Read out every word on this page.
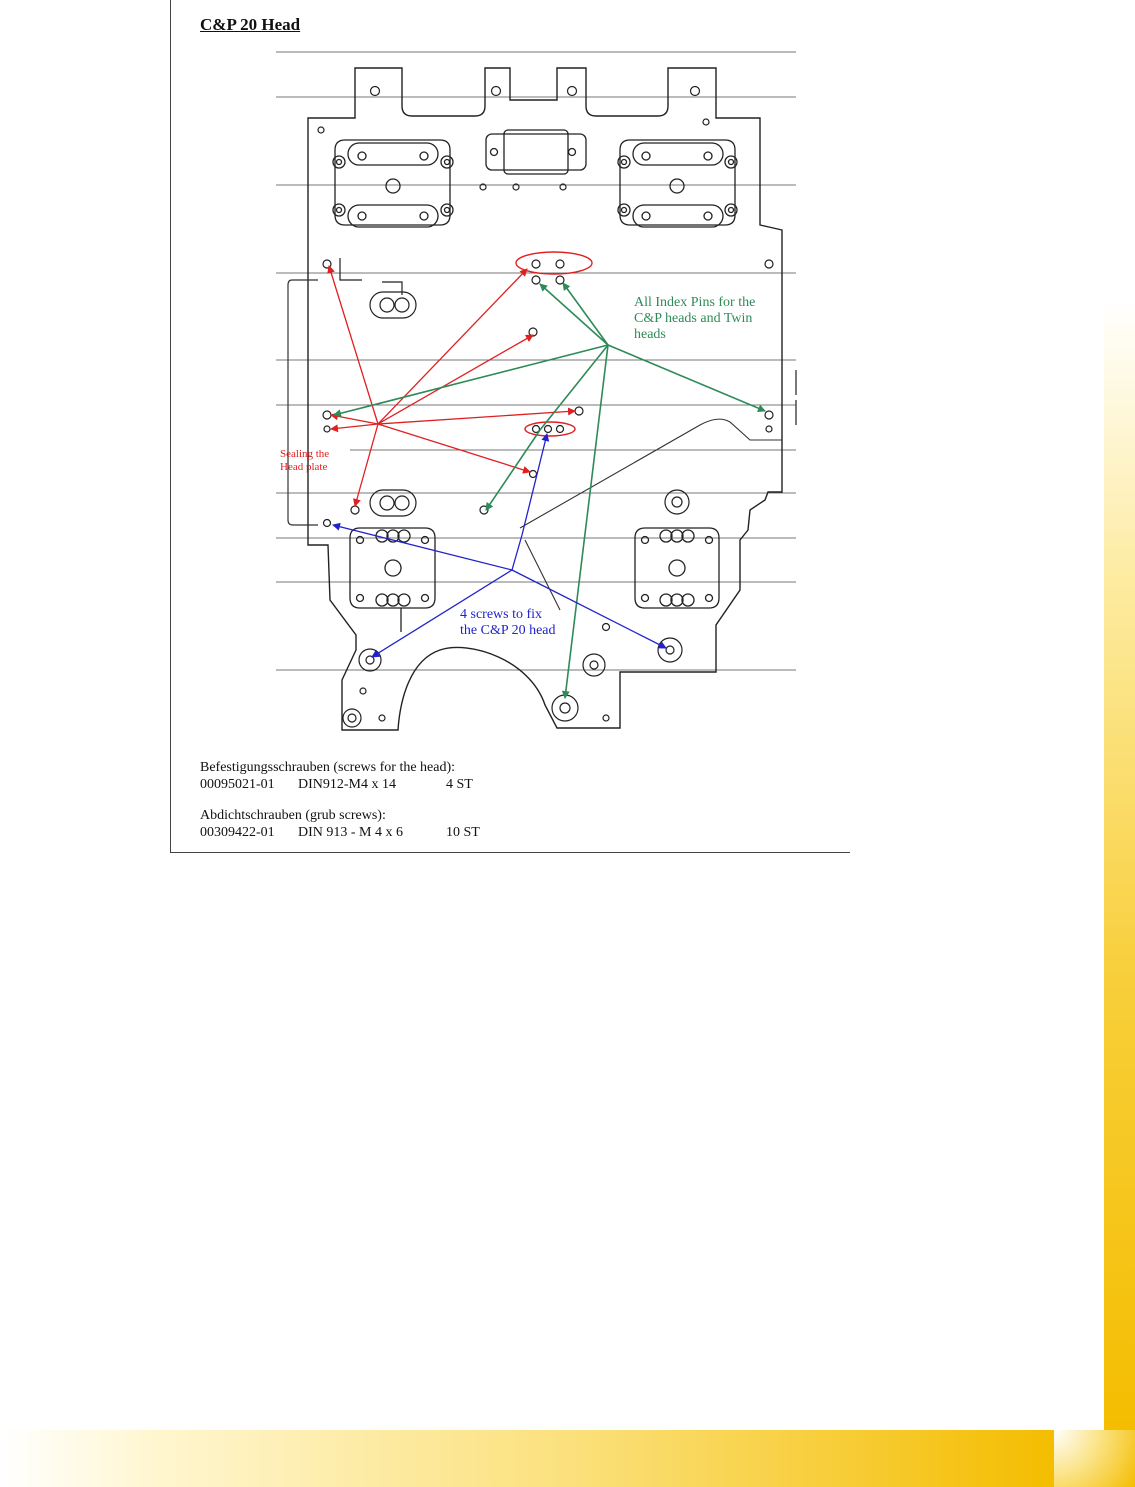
C&P 20 Head
All Index Pins for the
C&P heads and Twin
heads
4 screws to fix
the C&P 20 head
Sealing the
Head plate
Befestigungsschrauben (screws for the head):
00095021-01 DIN912-M4 x 14	4 ST
Abdichtschrauben (grub screws):
00309422-01 DIN 913 - M 4 x 6	10 ST
